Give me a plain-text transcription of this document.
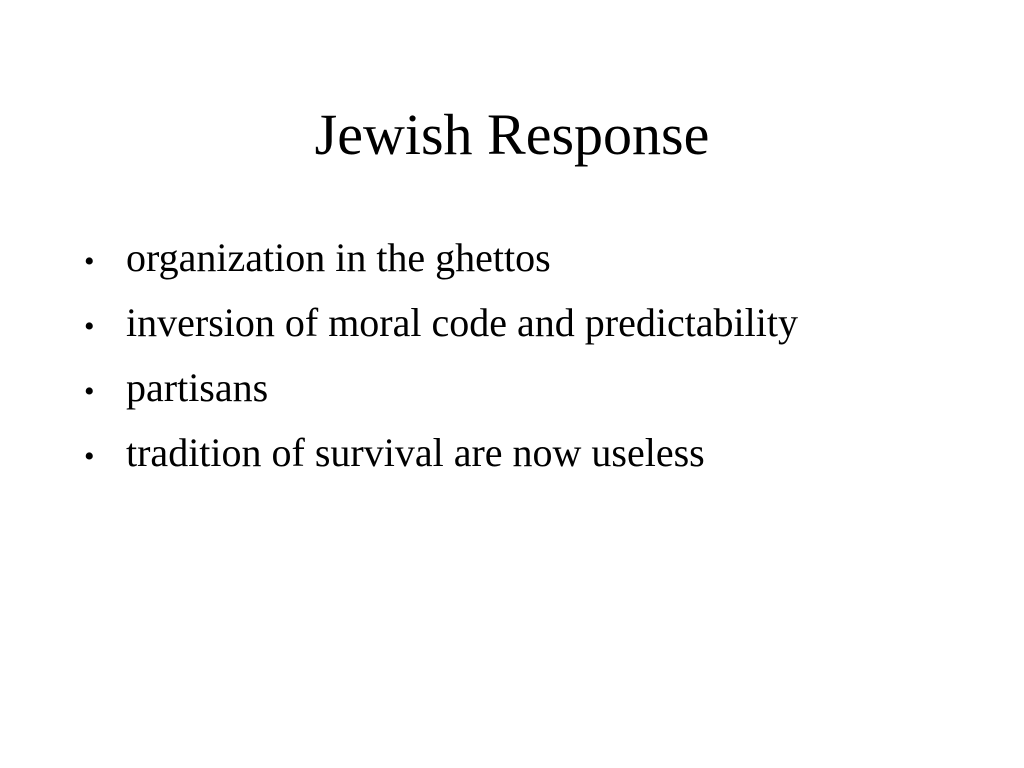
Jewish Response
• organization in the ghettos
• inversion of moral code and predictability
• partisans
• tradition of survival are now useless
